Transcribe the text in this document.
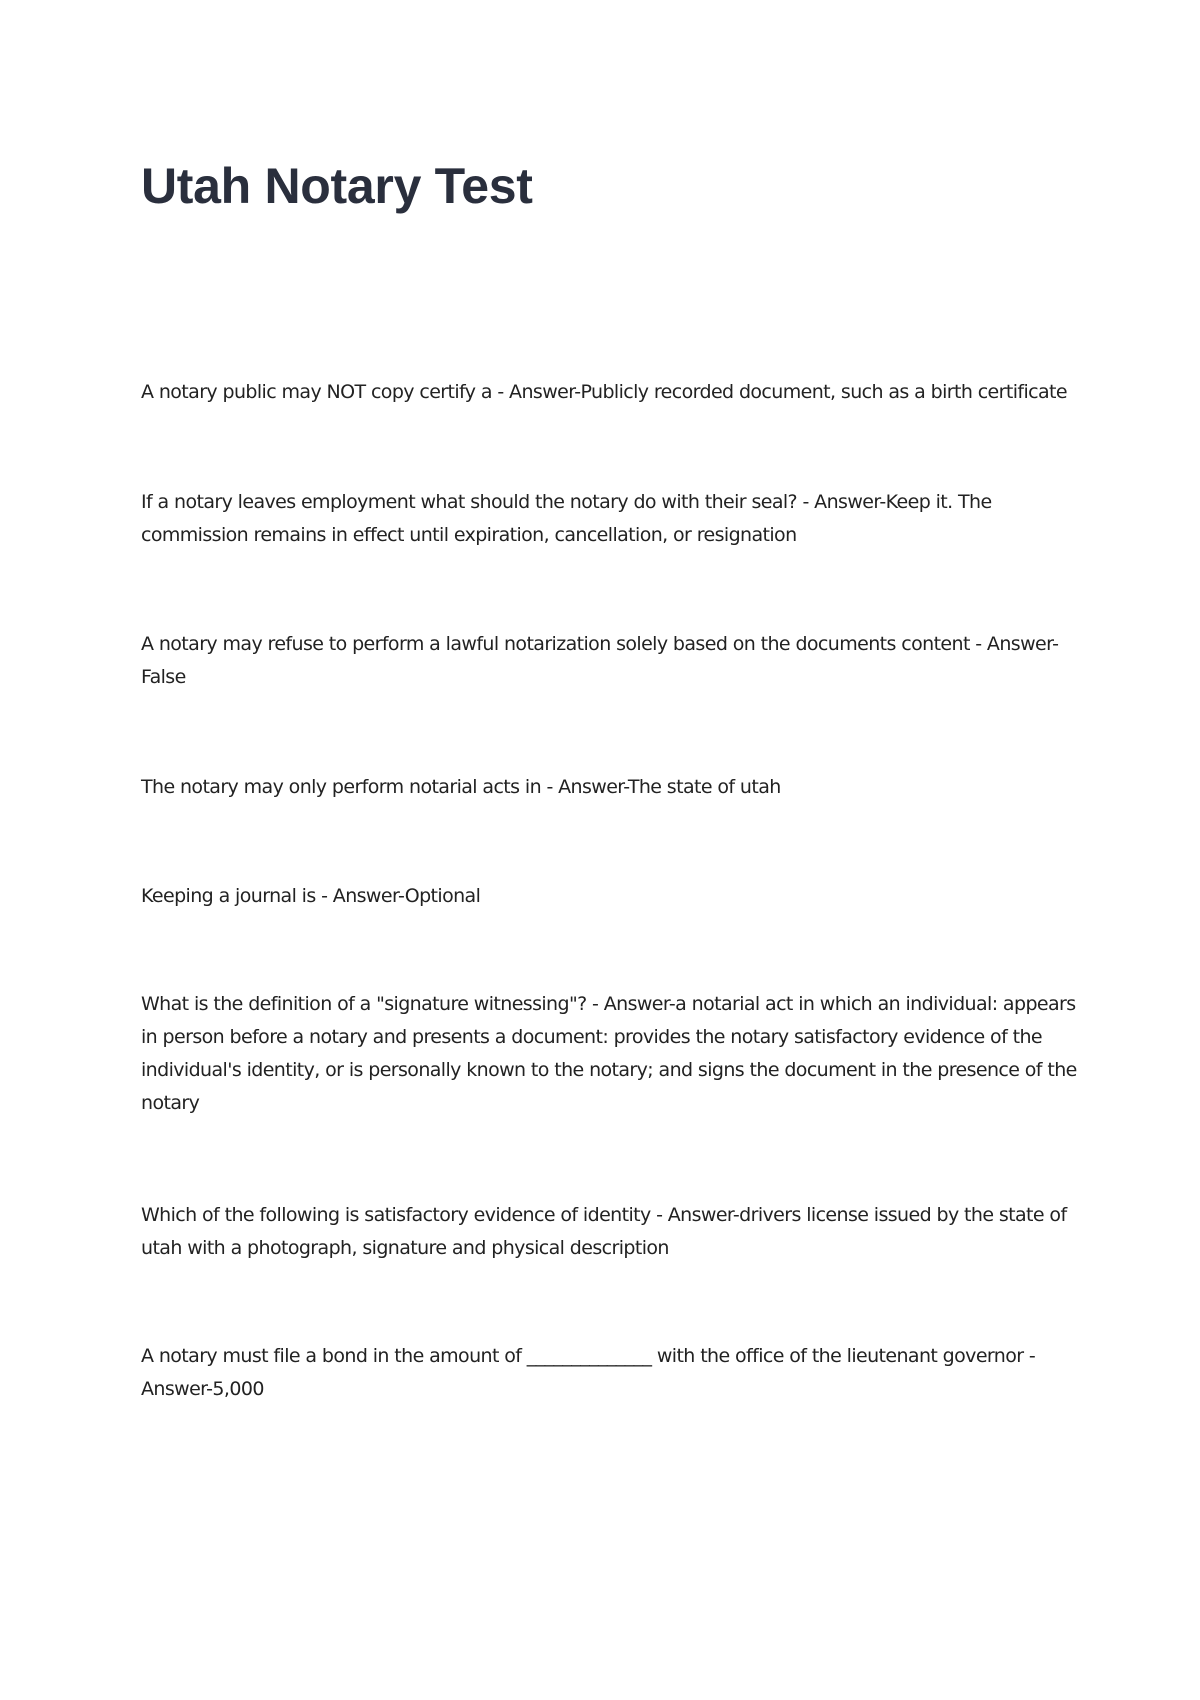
Utah Notary Test

A notary public may NOT copy certify a - Answer-Publicly recorded document, such as a birth certificate

If a notary leaves employment what should the notary do with their seal? - Answer-Keep it. The commission remains in effect until expiration, cancellation, or resignation

A notary may refuse to perform a lawful notarization solely based on the documents content - Answer-False

The notary may only perform notarial acts in - Answer-The state of utah

Keeping a journal is - Answer-Optional

What is the definition of a "signature witnessing"? - Answer-a notarial act in which an individual: appears in person before a notary and presents a document: provides the notary satisfactory evidence of the individual's identity, or is personally known to the notary; and signs the document in the presence of the notary

Which of the following is satisfactory evidence of identity - Answer-drivers license issued by the state of utah with a photograph, signature and physical description

A notary must file a bond in the amount of ______________ with the office of the lieutenant governor - Answer-5,000
